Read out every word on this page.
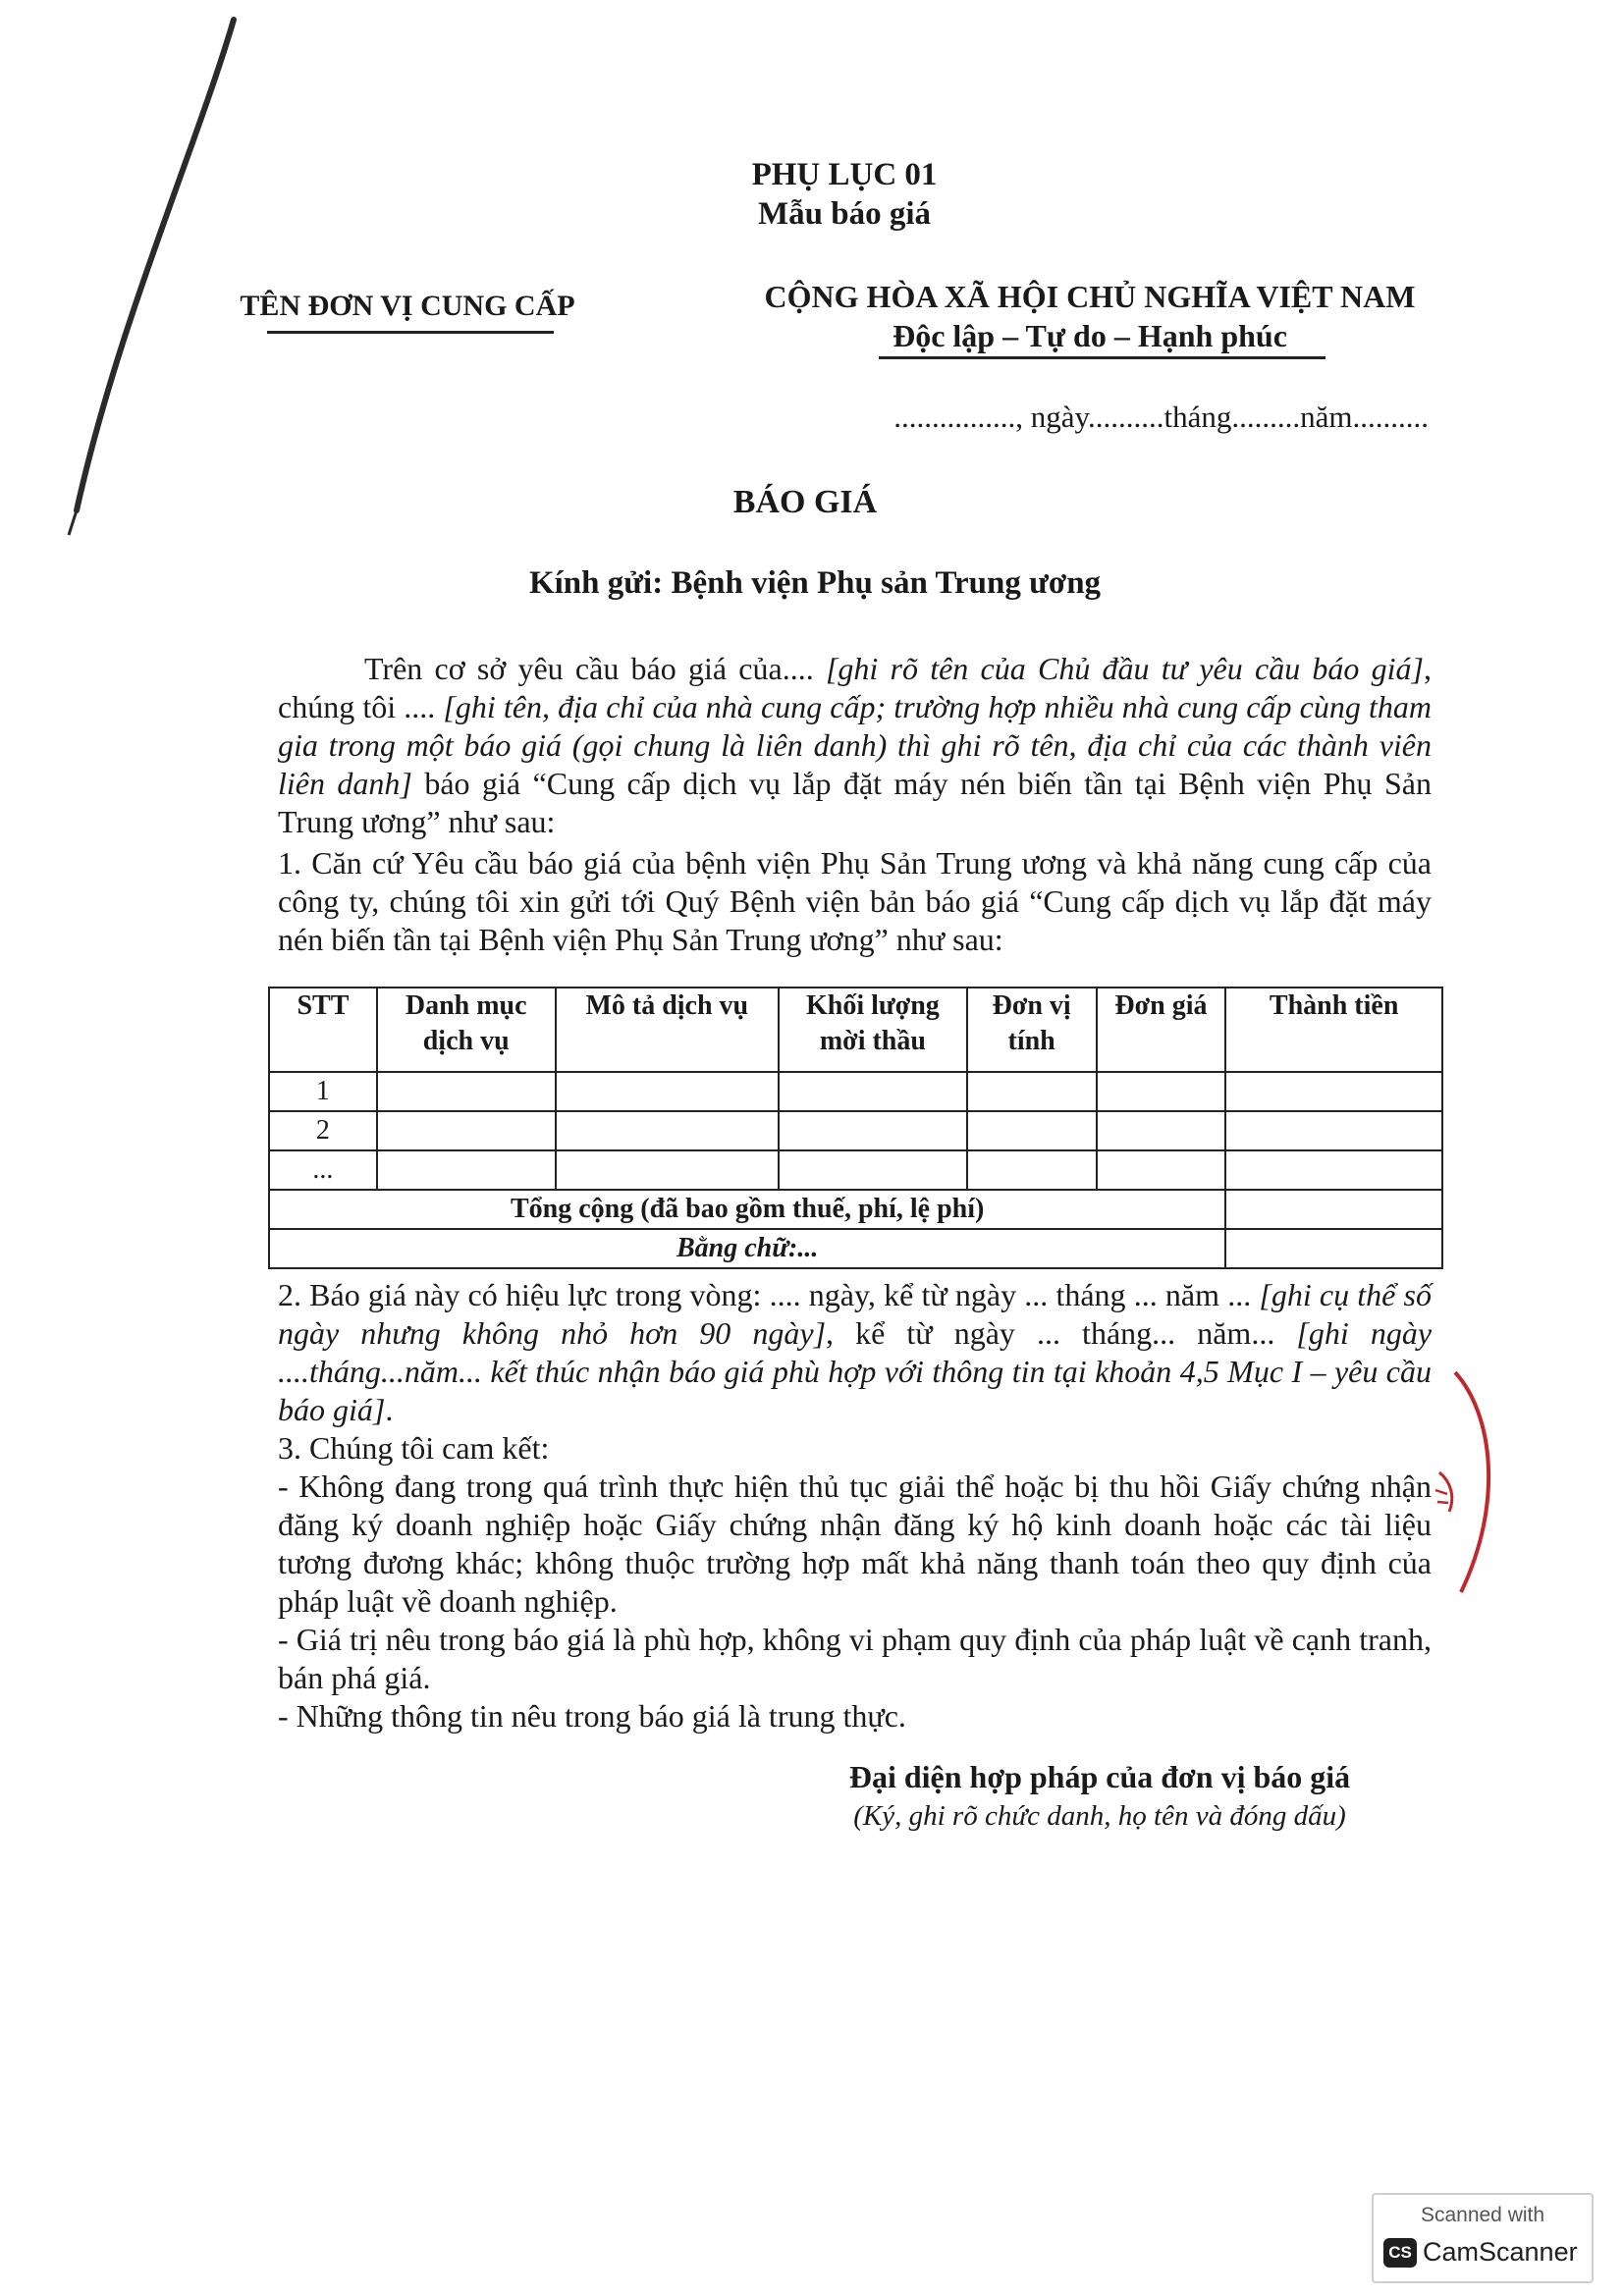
PHỤ LỤC 01
Mẫu báo giá
TÊN ĐƠN VỊ CUNG CẤP	CỘNG HÒA XÃ HỘI CHỦ NGHĨA VIỆT NAM
Độc lập – Tự do – Hạnh phúc
................, ngày..........tháng.........năm..........
BÁO GIÁ
Kính gửi: Bệnh viện Phụ sản Trung ương
Trên cơ sở yêu cầu báo giá của.... [ghi rõ tên của Chủ đầu tư yêu cầu báo giá], chúng tôi .... [ghi tên, địa chỉ của nhà cung cấp; trường hợp nhiều nhà cung cấp cùng tham gia trong một báo giá (gọi chung là liên danh) thì ghi rõ tên, địa chỉ của các thành viên liên danh] báo giá “Cung cấp dịch vụ lắp đặt máy nén biến tần tại Bệnh viện Phụ Sản Trung ương” như sau:
1. Căn cứ Yêu cầu báo giá của bệnh viện Phụ Sản Trung ương và khả năng cung cấp của công ty, chúng tôi xin gửi tới Quý Bệnh viện bản báo giá “Cung cấp dịch vụ lắp đặt máy nén biến tần tại Bệnh viện Phụ Sản Trung ương” như sau:
STT	Danh mục dịch vụ	Mô tả dịch vụ	Khối lượng mời thầu	Đơn vị tính	Đơn giá	Thành tiền
1						
2						
...						
Tổng cộng (đã bao gồm thuế, phí, lệ phí)						
Bằng chữ:...						
2. Báo giá này có hiệu lực trong vòng: .... ngày, kể từ ngày ... tháng ... năm ... [ghi cụ thể số ngày nhưng không nhỏ hơn 90 ngày], kể từ ngày ... tháng... năm... [ghi ngày ....tháng...năm... kết thúc nhận báo giá phù hợp với thông tin tại khoản 4,5 Mục I – yêu cầu báo giá].
3. Chúng tôi cam kết:
- Không đang trong quá trình thực hiện thủ tục giải thể hoặc bị thu hồi Giấy chứng nhận đăng ký doanh nghiệp hoặc Giấy chứng nhận đăng ký hộ kinh doanh hoặc các tài liệu tương đương khác; không thuộc trường hợp mất khả năng thanh toán theo quy định của pháp luật về doanh nghiệp.
- Giá trị nêu trong báo giá là phù hợp, không vi phạm quy định của pháp luật về cạnh tranh, bán phá giá.
- Những thông tin nêu trong báo giá là trung thực.
Đại diện hợp pháp của đơn vị báo giá
(Ký, ghi rõ chức danh, họ tên và đóng dấu)
Scanned with
CS CamScanner
